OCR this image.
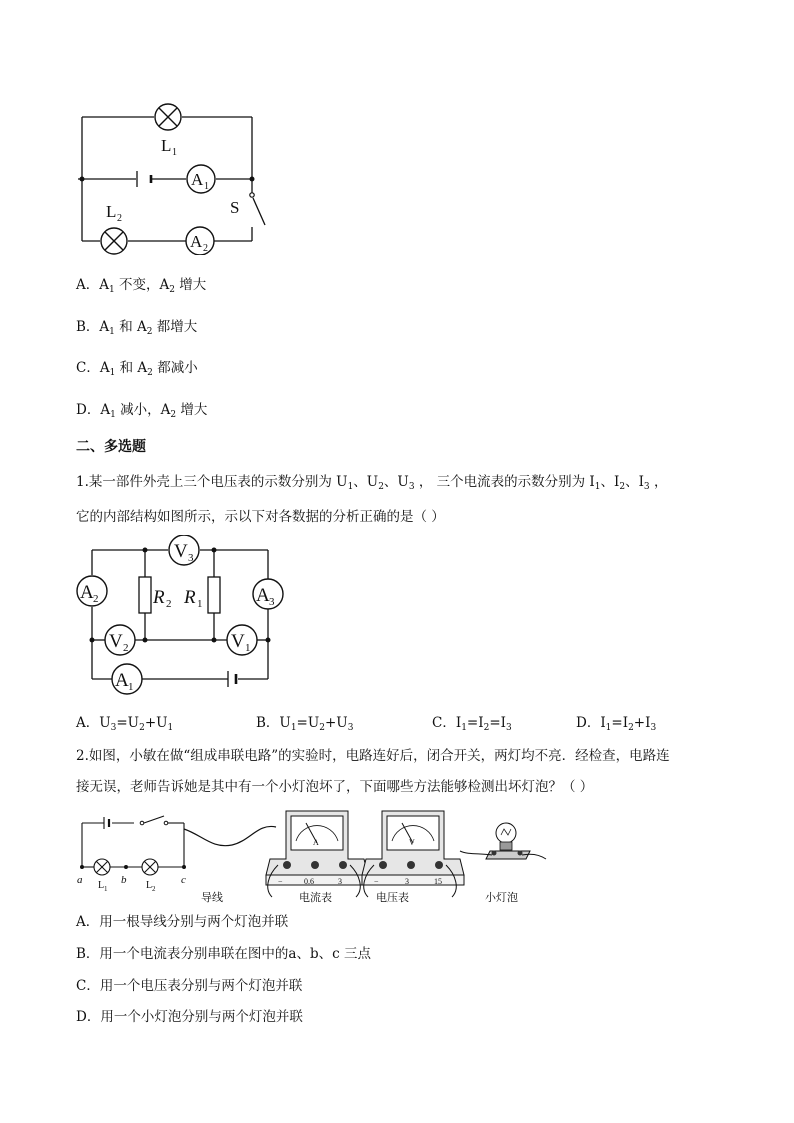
A 1
A 2
L 1
L 2
S
A．$A_1$ 不变，$A_2$ 增大
B．$A_1$ 和 $A_2$ 都增大
C．$A_1$ 和 $A_2$ 都减小
D．$A_1$ 减小，$A_2$ 增大
二、多选题
1.某一部件外壳上三个电压表的示数分别为 $U_1$、$U_2$、$U_3$ ， 三个电流表的示数分别为 $I_1$、$I_2$、$I_3$ ，
它的内部结构如图所示，示以下对各数据的分析正确的是（ ）
V 3
A 2	A 3
V 2	V 1
A 1
R 2 R 1
A．$U_3=U_2+U_1$	B．$U_1=U_2+U_3$	C．$I_1=I_2=I_3$	D．$I_1=I_2+I_3$
2.如图，小敏在做“组成串联电路”的实验时，电路连好后，闭合开关，两灯均不亮．经检查，电路连
接无误，老师告诉她是其中有一个小灯泡坏了，下面哪些方法能够检测出坏灯泡？（ ）
a	b	c
L 1	L 2
导线
A
−	0.6	3
电流表
V
−	3	15
电压表	小灯泡
A．用一根导线分别与两个灯泡并联
B．用一个电流表分别串联在图中的a、b、c 三点
C．用一个电压表分别与两个灯泡并联
D．用一个小灯泡分别与两个灯泡并联
